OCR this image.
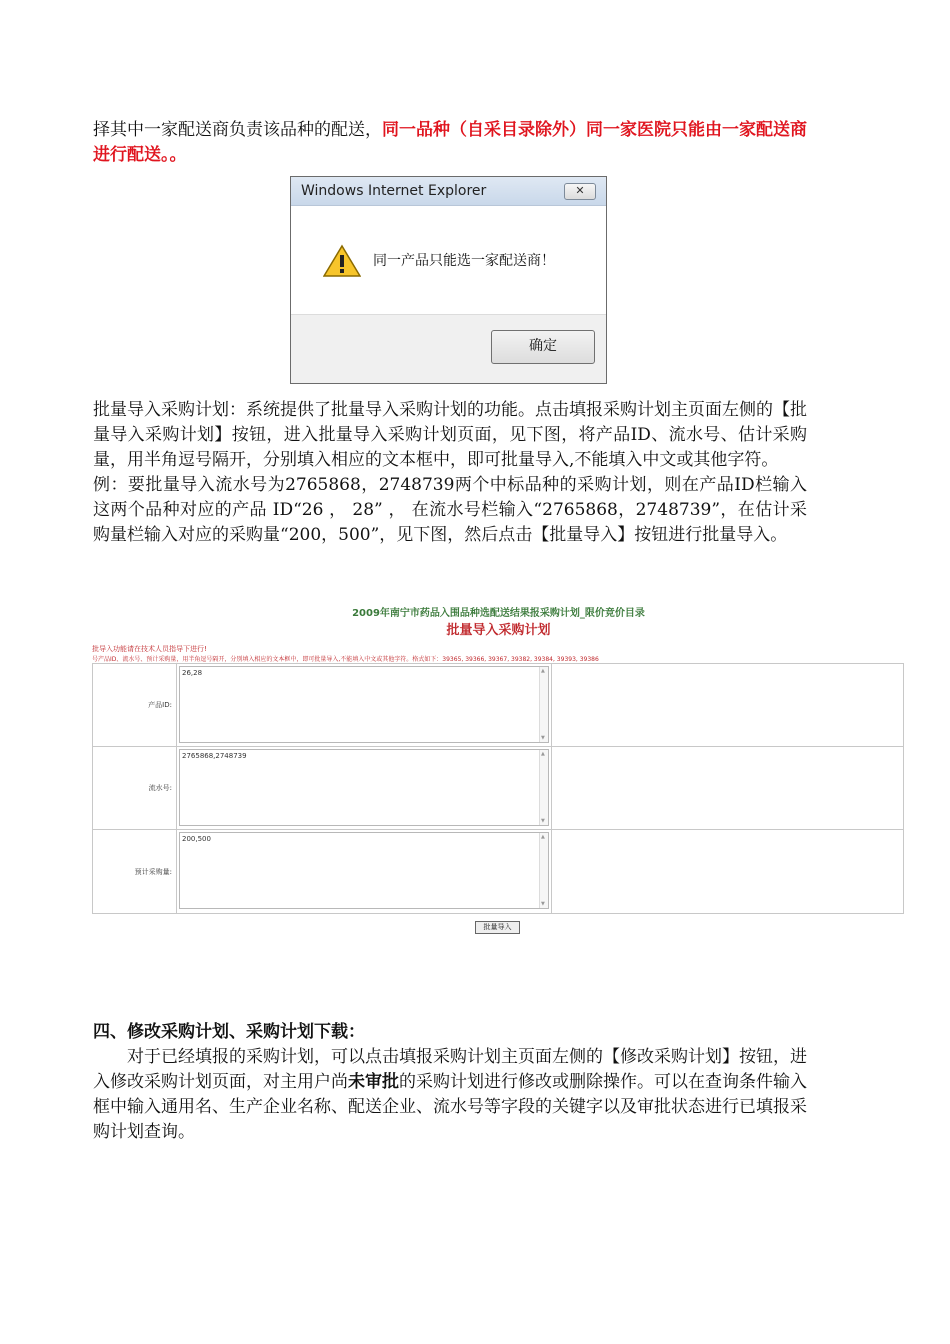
择其中一家配送商负责该品种的配送，同一品种（自采目录除外）同一家医院只能由一家配送商进行配送。。

Windows Internet Explorer	✕
同一产品只能选一家配送商！
确定

批量导入采购计划：系统提供了批量导入采购计划的功能。点击填报采购计划主页面左侧的【批量导入采购计划】按钮，进入批量导入采购计划页面，见下图，将产品ID、流水号、估计采购量，用半角逗号隔开，分别填入相应的文本框中，即可批量导入,不能填入中文或其他字符。

例：要批量导入流水号为2765868，2748739两个中标品种的采购计划，则在产品ID栏输入这两个品种对应的产品 ID“26 ， 28” ， 在流水号栏输入“2765868，2748739”，在估计采购量栏输入对应的采购量“200，500”，见下图，然后点击【批量导入】按钮进行批量导入。

2009年南宁市药品入围品种选配送结果报采购计划_限价竞价目录
批量导入采购计划
批导入功能请在技术人员指导下进行!
号产品ID、流水号、预计采购量，用半角逗号隔开，分别填入相应的文本框中，即可批量导入,不能填入中文或其他字符。格式如下：39365, 39366, 39367, 39382, 39384, 39393, 39386
产品ID:
26,28
▲ ▼
流水号:
2765868,2748739
▲ ▼
预计采购量:
200,500
▲ ▼
批量导入

四、修改采购计划、采购计划下载：

对于已经填报的采购计划，可以点击填报采购计划主页面左侧的【修改采购计划】按钮，进入修改采购计划页面，对主用户尚未审批的采购计划进行修改或删除操作。可以在查询条件输入框中输入通用名、生产企业名称、配送企业、流水号等字段的关键字以及审批状态进行已填报采购计划查询。
